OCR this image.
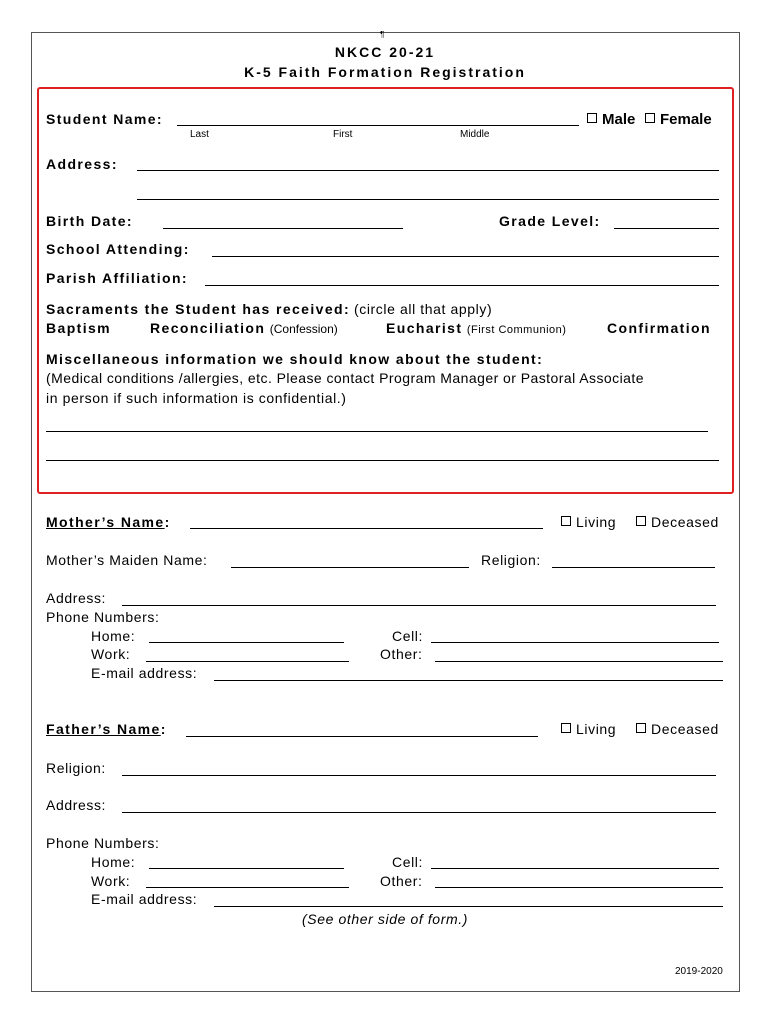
¶
NKCC 20-21
K-5 Faith Formation Registration
Student Name:
Last	First	Middle
Male	Female
Address:
Birth Date:	Grade Level:
School Attending:
Parish Affiliation:
Sacraments the Student has received: (circle all that apply)
Baptism	Reconciliation (Confession)	Eucharist (First Communion)	Confirmation
Miscellaneous information we should know about the student:
(Medical conditions /allergies, etc. Please contact Program Manager or Pastoral Associate
in person if such information is confidential.)
Mother’s Name:	Living	Deceased
Mother’s Maiden Name:	Religion:
Address:
Phone Numbers:
Home:	Cell:
Work:	Other:
E-mail address:
Father’s Name:	Living	Deceased
Religion:
Address:
Phone Numbers:
Home:	Cell:
Work:	Other:
E-mail address:
(See other side of form.)
2019-2020
